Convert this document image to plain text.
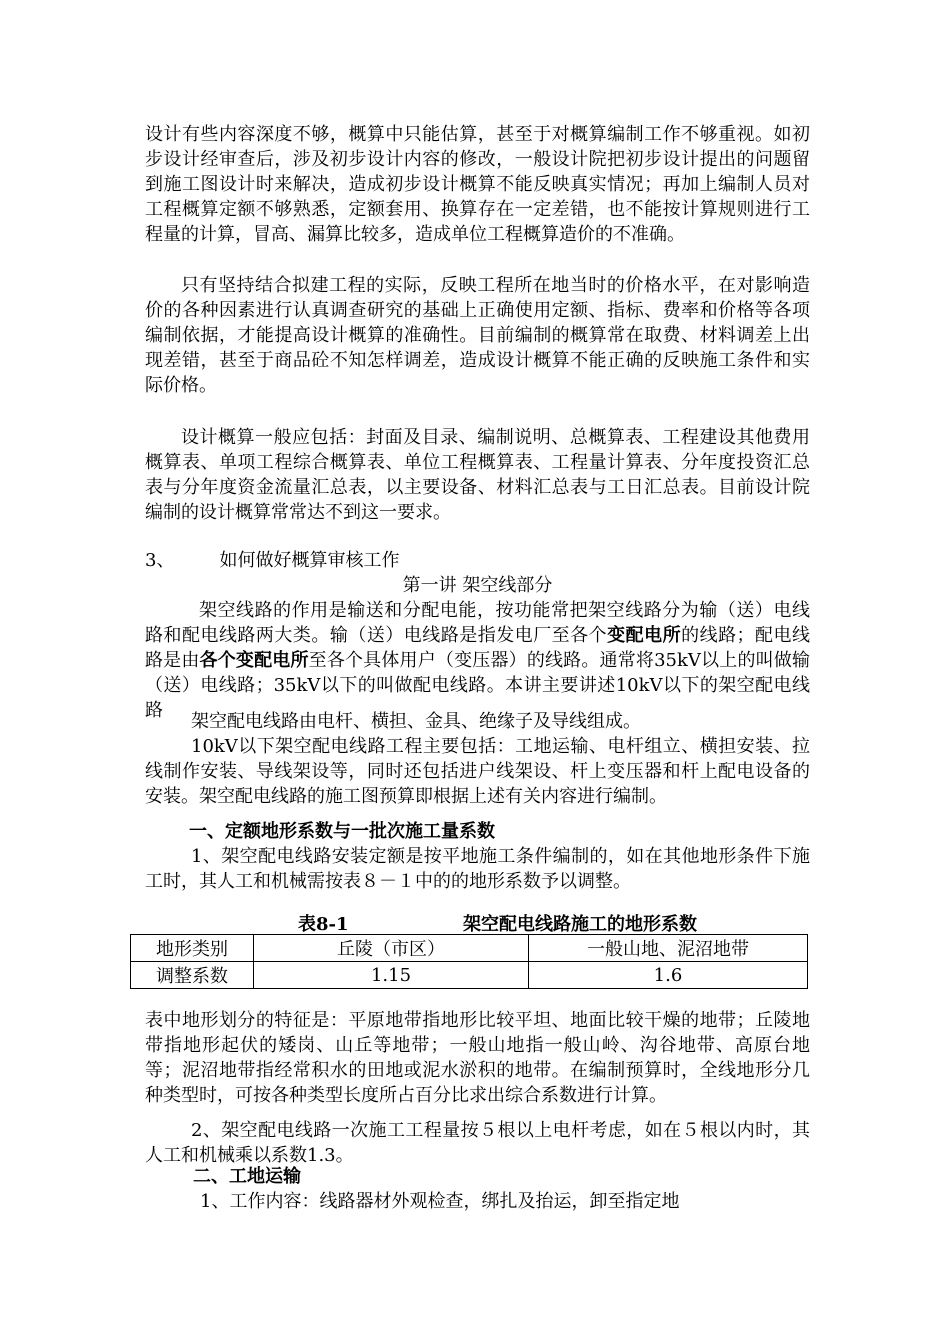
设计有些内容深度不够，概算中只能估算，甚至于对概算编制工作不够重视。如初步设计经审查后，涉及初步设计内容的修改，一般设计院把初步设计提出的问题留到施工图设计时来解决，造成初步设计概算不能反映真实情况；再加上编制人员对工程概算定额不够熟悉，定额套用、换算存在一定差错，也不能按计算规则进行工程量的计算，冒高、漏算比较多，造成单位工程概算造价的不准确。

只有坚持结合拟建工程的实际，反映工程所在地当时的价格水平，在对影响造价的各种因素进行认真调查研究的基础上正确使用定额、指标、费率和价格等各项编制依据，才能提高设计概算的准确性。目前编制的概算常在取费、材料调差上出现差错，甚至于商品砼不知怎样调差，造成设计概算不能正确的反映施工条件和实际价格。

设计概算一般应包括：封面及目录、编制说明、总概算表、工程建设其他费用概算表、单项工程综合概算表、单位工程概算表、工程量计算表、分年度投资汇总表与分年度资金流量汇总表，以主要设备、材料汇总表与工日汇总表。目前设计院编制的设计概算常常达不到这一要求。

3、	如何做好概算审核工作
第一讲 架空线部分

架空线路的作用是输送和分配电能，按功能常把架空线路分为输（送）电线路和配电线路两大类。输（送）电线路是指发电厂至各个变配电所的线路；配电线路是由各个变配电所至各个具体用户（变压器）的线路。通常将35kV以上的叫做输（送）电线路；35kV以下的叫做配电线路。本讲主要讲述10kV以下的架空配电线路

架空配电线路由电杆、横担、金具、绝缘子及导线组成。

10kV以下架空配电线路工程主要包括：工地运输、电杆组立、横担安装、拉线制作安装、导线架设等，同时还包括进户线架设、杆上变压器和杆上配电设备的安装。架空配电线路的施工图预算即根据上述有关内容进行编制。

一、定额地形系数与一批次施工量系数

1、架空配电线路安装定额是按平地施工条件编制的，如在其他地形条件下施工时，其人工和机械需按表８－１中的的地形系数予以调整。

表8-1	架空配电线路施工的地形系数
地形类别	丘陵（市区）	一般山地、泥沼地带
调整系数	1.15	1.6

表中地形划分的特征是：平原地带指地形比较平坦、地面比较干燥的地带；丘陵地带指地形起伏的矮岗、山丘等地带；一般山地指一般山岭、沟谷地带、高原台地等；泥沼地带指经常积水的田地或泥水淤积的地带。在编制预算时，全线地形分几种类型时，可按各种类型长度所占百分比求出综合系数进行计算。

2、架空配电线路一次施工工程量按５根以上电杆考虑，如在５根以内时，其人工和机械乘以系数1.3。

二、工地运输

1、工作内容：线路器材外观检查，绑扎及抬运，卸至指定地
